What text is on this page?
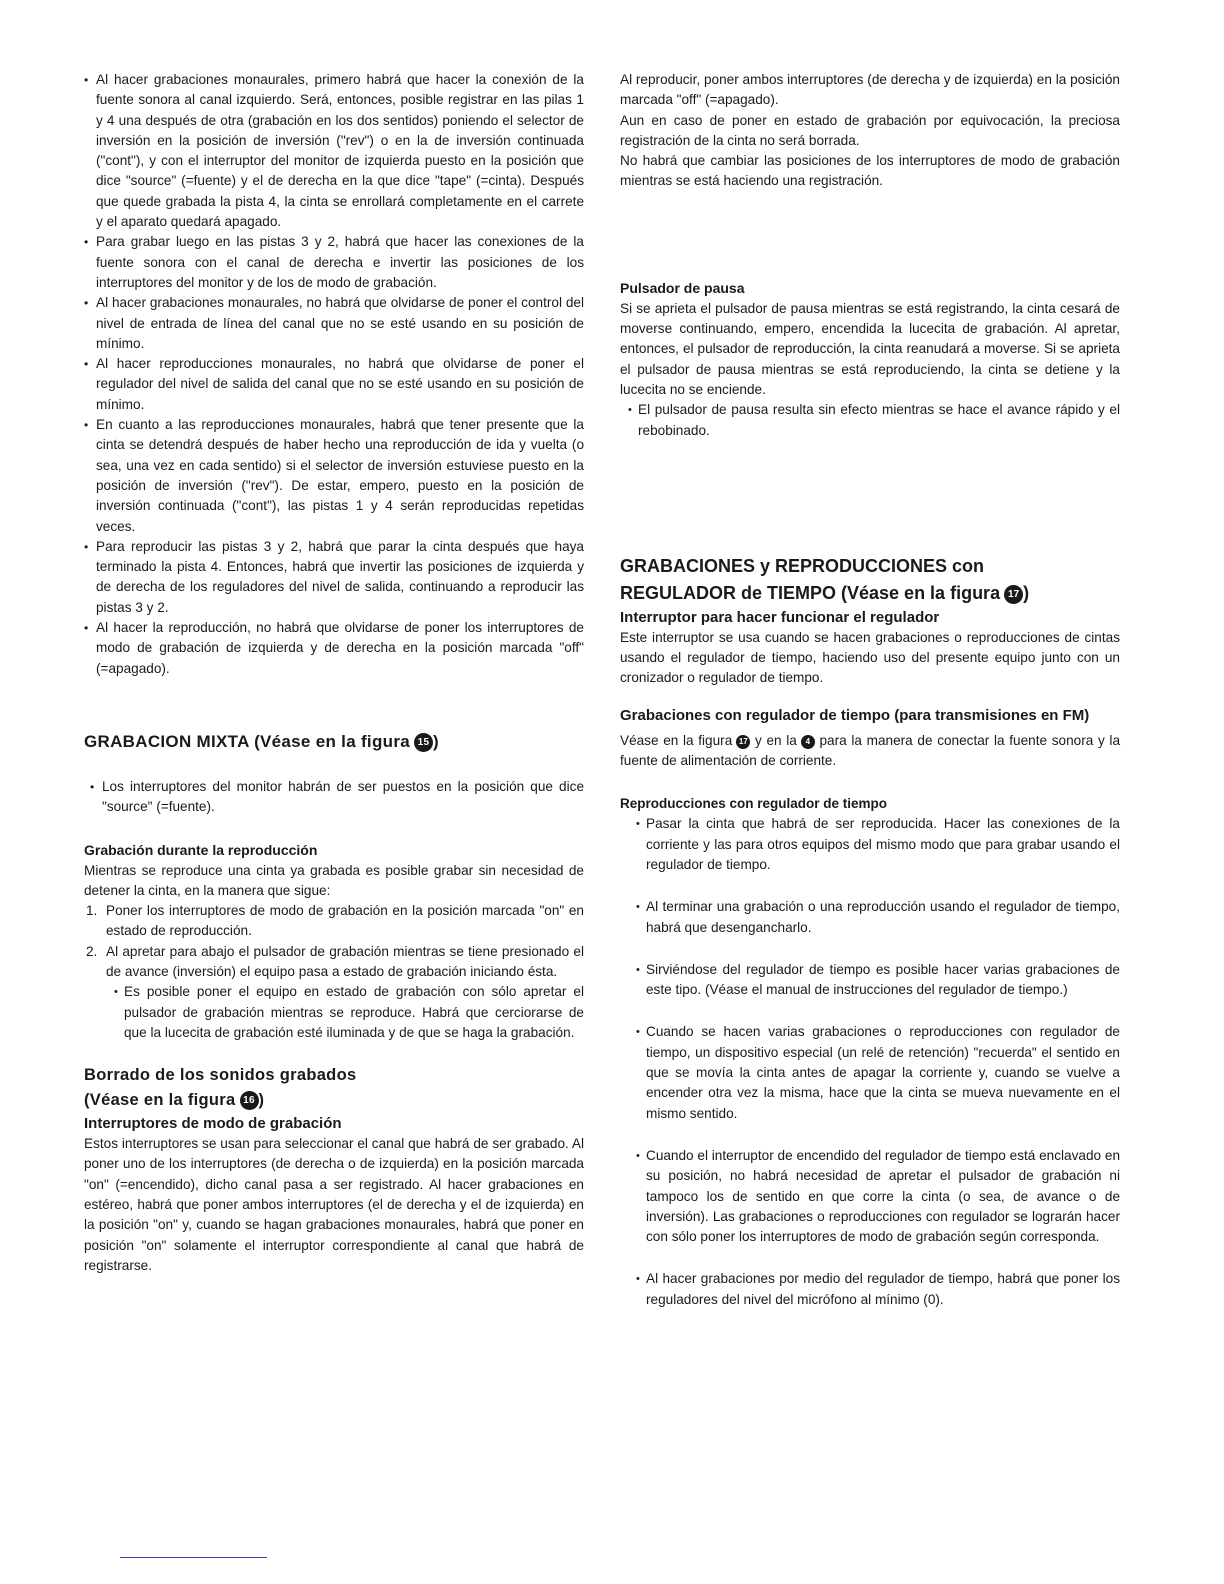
• Al hacer grabaciones monaurales, primero habrá que hacer la conexión de la fuente sonora al canal izquierdo. Será, entonces, posible registrar en las pilas 1 y 4 una después de otra (grabación en los dos sentidos) poniendo el selector de inversión en la posición de inversión ("rev") o en la de inversión continuada ("cont"), y con el interruptor del monitor de izquierda puesto en la posición que dice "source" (=fuente) y el de derecha en la que dice "tape" (=cinta). Después que quede grabada la pista 4, la cinta se enrollará completamente en el carrete y el aparato quedará apagado.
• Para grabar luego en las pistas 3 y 2, habrá que hacer las conexiones de la fuente sonora con el canal de derecha e invertir las posiciones de los interruptores del monitor y de los de modo de grabación.
• Al hacer grabaciones monaurales, no habrá que olvidarse de poner el control del nivel de entrada de línea del canal que no se esté usando en su posición de mínimo.
• Al hacer reproducciones monaurales, no habrá que olvidarse de poner el regulador del nivel de salida del canal que no se esté usando en su posición de mínimo.
• En cuanto a las reproducciones monaurales, habrá que tener presente que la cinta se detendrá después de haber hecho una reproducción de ida y vuelta (o sea, una vez en cada sentido) si el selector de inversión estuviese puesto en la posición de inversión ("rev"). De estar, empero, puesto en la posición de inversión continuada ("cont"), las pistas 1 y 4 serán reproducidas repetidas veces.
• Para reproducir las pistas 3 y 2, habrá que parar la cinta después que haya terminado la pista 4. Entonces, habrá que invertir las posiciones de izquierda y de derecha de los reguladores del nivel de salida, continuando a reproducir las pistas 3 y 2.
• Al hacer la reproducción, no habrá que olvidarse de poner los interruptores de modo de grabación de izquierda y de derecha en la posición marcada "off" (=apagado).
GRABACION MIXTA (Véase en la figura 15 )
• Los interruptores del monitor habrán de ser puestos en la posición que dice "source" (=fuente).
Grabación durante la reproducción

Mientras se reproduce una cinta ya grabada es posible grabar sin necesidad de detener la cinta, en la manera que sigue:

1. Poner los interruptores de modo de grabación en la posición marcada "on" en estado de reproducción.
2. Al apretar para abajo el pulsador de grabación mientras se tiene presionado el de avance (inversión) el equipo pasa a estado de grabación iniciando ésta.
• Es posible poner el equipo en estado de grabación con sólo apretar el pulsador de grabación mientras se reproduce. Habrá que cerciorarse de que la lucecita de grabación esté iluminada y de que se haga la grabación.
Borrado de los sonidos grabados
(Véase en la figura 16 )
Interruptores de modo de grabación

Estos interruptores se usan para seleccionar el canal que habrá de ser grabado. Al poner uno de los interruptores (de derecha o de izquierda) en la posición marcada "on" (=encendido), dicho canal pasa a ser registrado. Al hacer grabaciones en estéreo, habrá que poner ambos interruptores (el de derecha y el de izquierda) en la posición "on" y, cuando se hagan grabaciones monaurales, habrá que poner en posición "on" solamente el interruptor correspondiente al canal que habrá de registrarse.

Al reproducir, poner ambos interruptores (de derecha y de izquierda) en la posición marcada "off" (=apagado).

Aun en caso de poner en estado de grabación por equivocación, la preciosa registración de la cinta no será borrada.

No habrá que cambiar las posiciones de los interruptores de modo de grabación mientras se está haciendo una registración.

Pulsador de pausa

Si se aprieta el pulsador de pausa mientras se está registrando, la cinta cesará de moverse continuando, empero, encendida la lucecita de grabación. Al apretar, entonces, el pulsador de reproducción, la cinta reanudará a moverse. Si se aprieta el pulsador de pausa mientras se está reproduciendo, la cinta se detiene y la lucecita no se enciende.

• El pulsador de pausa resulta sin efecto mientras se hace el avance rápido y el rebobinado.
GRABACIONES y REPRODUCCIONES con
REGULADOR de TIEMPO (Véase en la figura 17 )
Interruptor para hacer funcionar el regulador

Este interruptor se usa cuando se hacen grabaciones o reproducciones de cintas usando el regulador de tiempo, haciendo uso del presente equipo junto con un cronizador o regulador de tiempo.

Grabaciones con regulador de tiempo (para transmisiones en FM)

Véase en la figura 17 y en la 4 para la manera de conectar la fuente sonora y la fuente de alimentación de corriente.

Reproducciones con regulador de tiempo
• Pasar la cinta que habrá de ser reproducida. Hacer las conexiones de la corriente y las para otros equipos del mismo modo que para grabar usando el regulador de tiempo.
• Al terminar una grabación o una reproducción usando el regulador de tiempo, habrá que desengancharlo.
• Sirviéndose del regulador de tiempo es posible hacer varias grabaciones de este tipo. (Véase el manual de instrucciones del regulador de tiempo.)
• Cuando se hacen varias grabaciones o reproducciones con regulador de tiempo, un dispositivo especial (un relé de retención) "recuerda" el sentido en que se movía la cinta antes de apagar la corriente y, cuando se vuelve a encender otra vez la misma, hace que la cinta se mueva nuevamente en el mismo sentido.
• Cuando el interruptor de encendido del regulador de tiempo está enclavado en su posición, no habrá necesidad de apretar el pulsador de grabación ni tampoco los de sentido en que corre la cinta (o sea, de avance o de inversión). Las grabaciones o reproducciones con regulador se lograrán hacer con sólo poner los interruptores de modo de grabación según corresponda.
• Al hacer grabaciones por medio del regulador de tiempo, habrá que poner los reguladores del nivel del micrófono al mínimo (0).
